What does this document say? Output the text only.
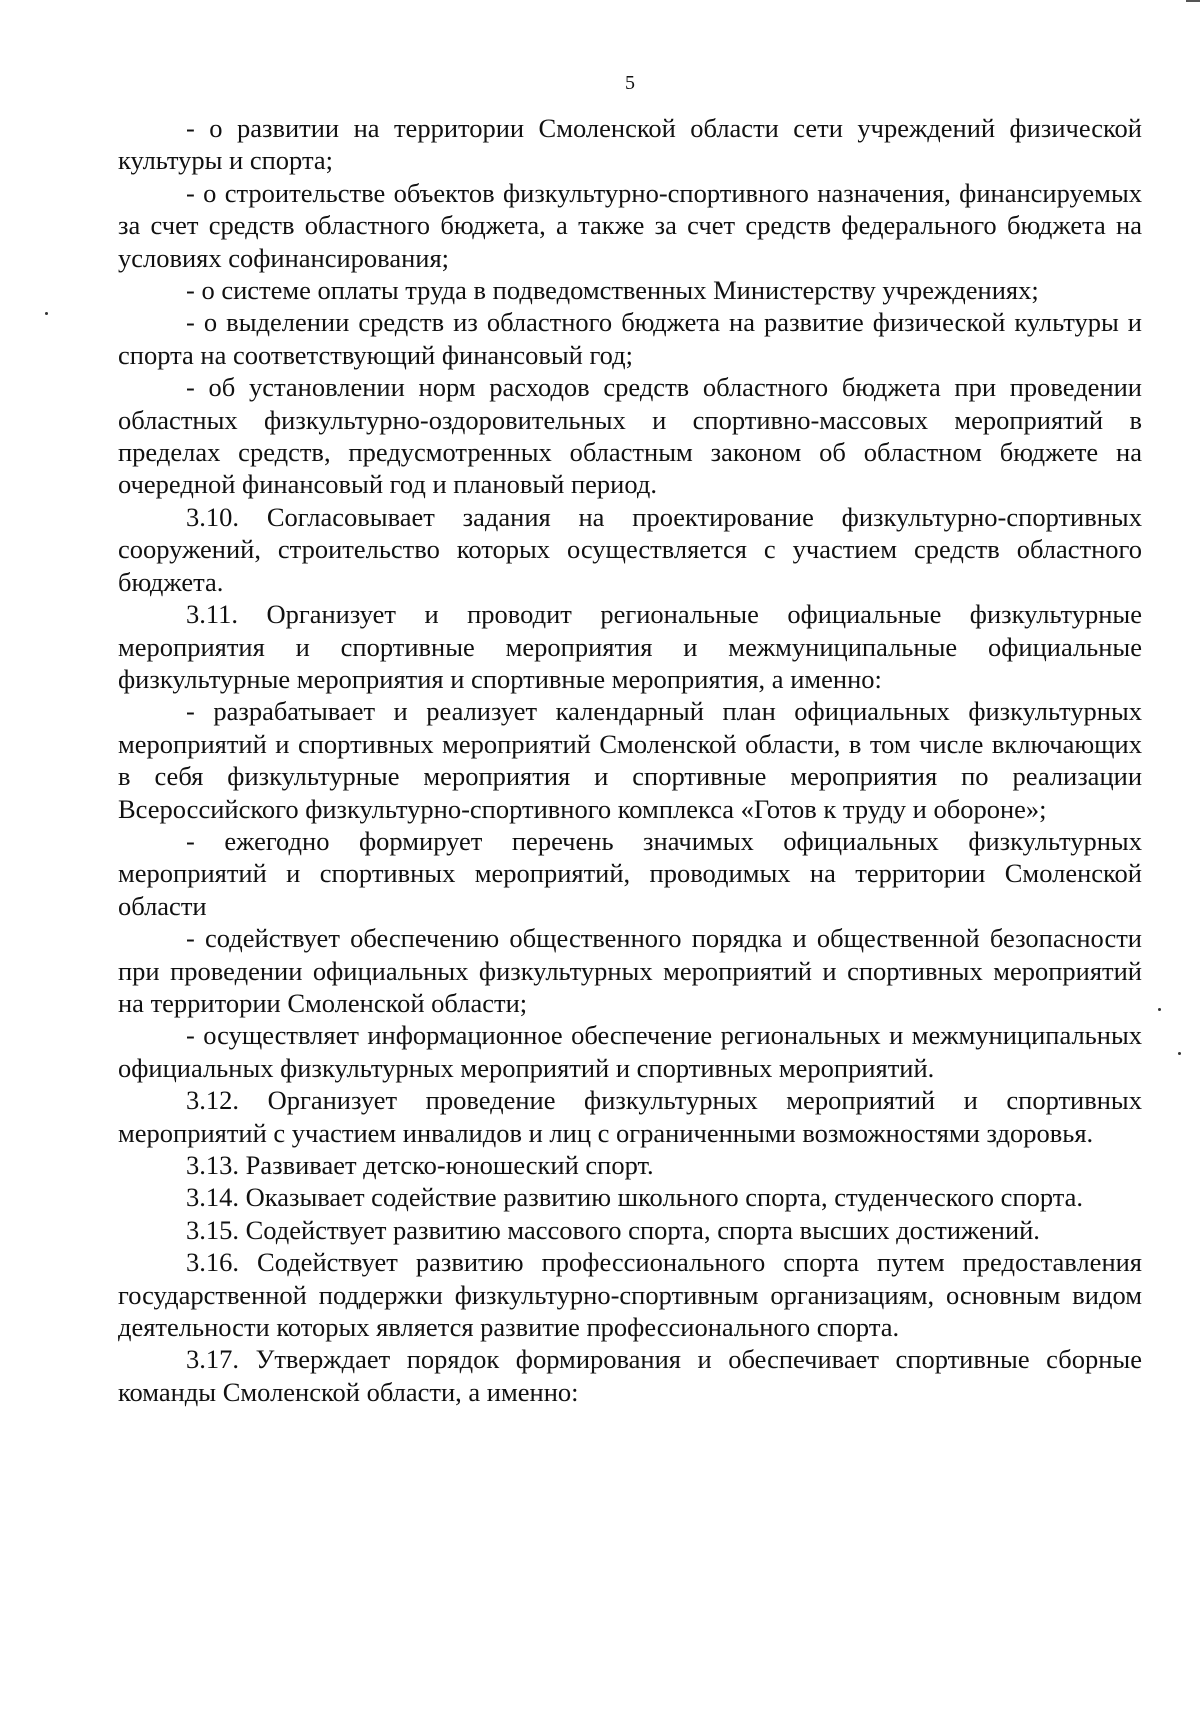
5

- о развитии на территории Смоленской области сети учреждений физической культуры и спорта;

- о строительстве объектов физкультурно-спортивного назначения, финансируемых за счет средств областного бюджета, а также за счет средств федерального бюджета на условиях софинансирования;

- о системе оплаты труда в подведомственных Министерству учреждениях;

- о выделении средств из областного бюджета на развитие физической культуры и спорта на соответствующий финансовый год;

- об установлении норм расходов средств областного бюджета при проведении областных физкультурно-оздоровительных и спортивно-массовых мероприятий в пределах средств, предусмотренных областным законом об областном бюджете на очередной финансовый год и плановый период.

3.10. Согласовывает задания на проектирование физкультурно-спортивных сооружений, строительство которых осуществляется с участием средств областного бюджета.

3.11. Организует и проводит региональные официальные физкультурные мероприятия и спортивные мероприятия и межмуниципальные официальные физкультурные мероприятия и спортивные мероприятия, а именно:

- разрабатывает и реализует календарный план официальных физкультурных мероприятий и спортивных мероприятий Смоленской области, в том числе включающих в себя физкультурные мероприятия и спортивные мероприятия по реализации Всероссийского физкультурно-спортивного комплекса «Готов к труду и обороне»;

- ежегодно формирует перечень значимых официальных физкультурных мероприятий и спортивных мероприятий, проводимых на территории Смоленской области

- содействует обеспечению общественного порядка и общественной безопасности при проведении официальных физкультурных мероприятий и спортивных мероприятий на территории Смоленской области;

- осуществляет информационное обеспечение региональных и межмуниципальных официальных физкультурных мероприятий и спортивных мероприятий.

3.12. Организует проведение физкультурных мероприятий и спортивных мероприятий с участием инвалидов и лиц с ограниченными возможностями здоровья.

3.13. Развивает детско-юношеский спорт.

3.14. Оказывает содействие развитию школьного спорта, студенческого спорта.

3.15. Содействует развитию массового спорта, спорта высших достижений.

3.16. Содействует развитию профессионального спорта путем предоставления государственной поддержки физкультурно-спортивным организациям, основным видом деятельности которых является развитие профессионального спорта.

3.17. Утверждает порядок формирования и обеспечивает спортивные сборные команды Смоленской области, а именно:
